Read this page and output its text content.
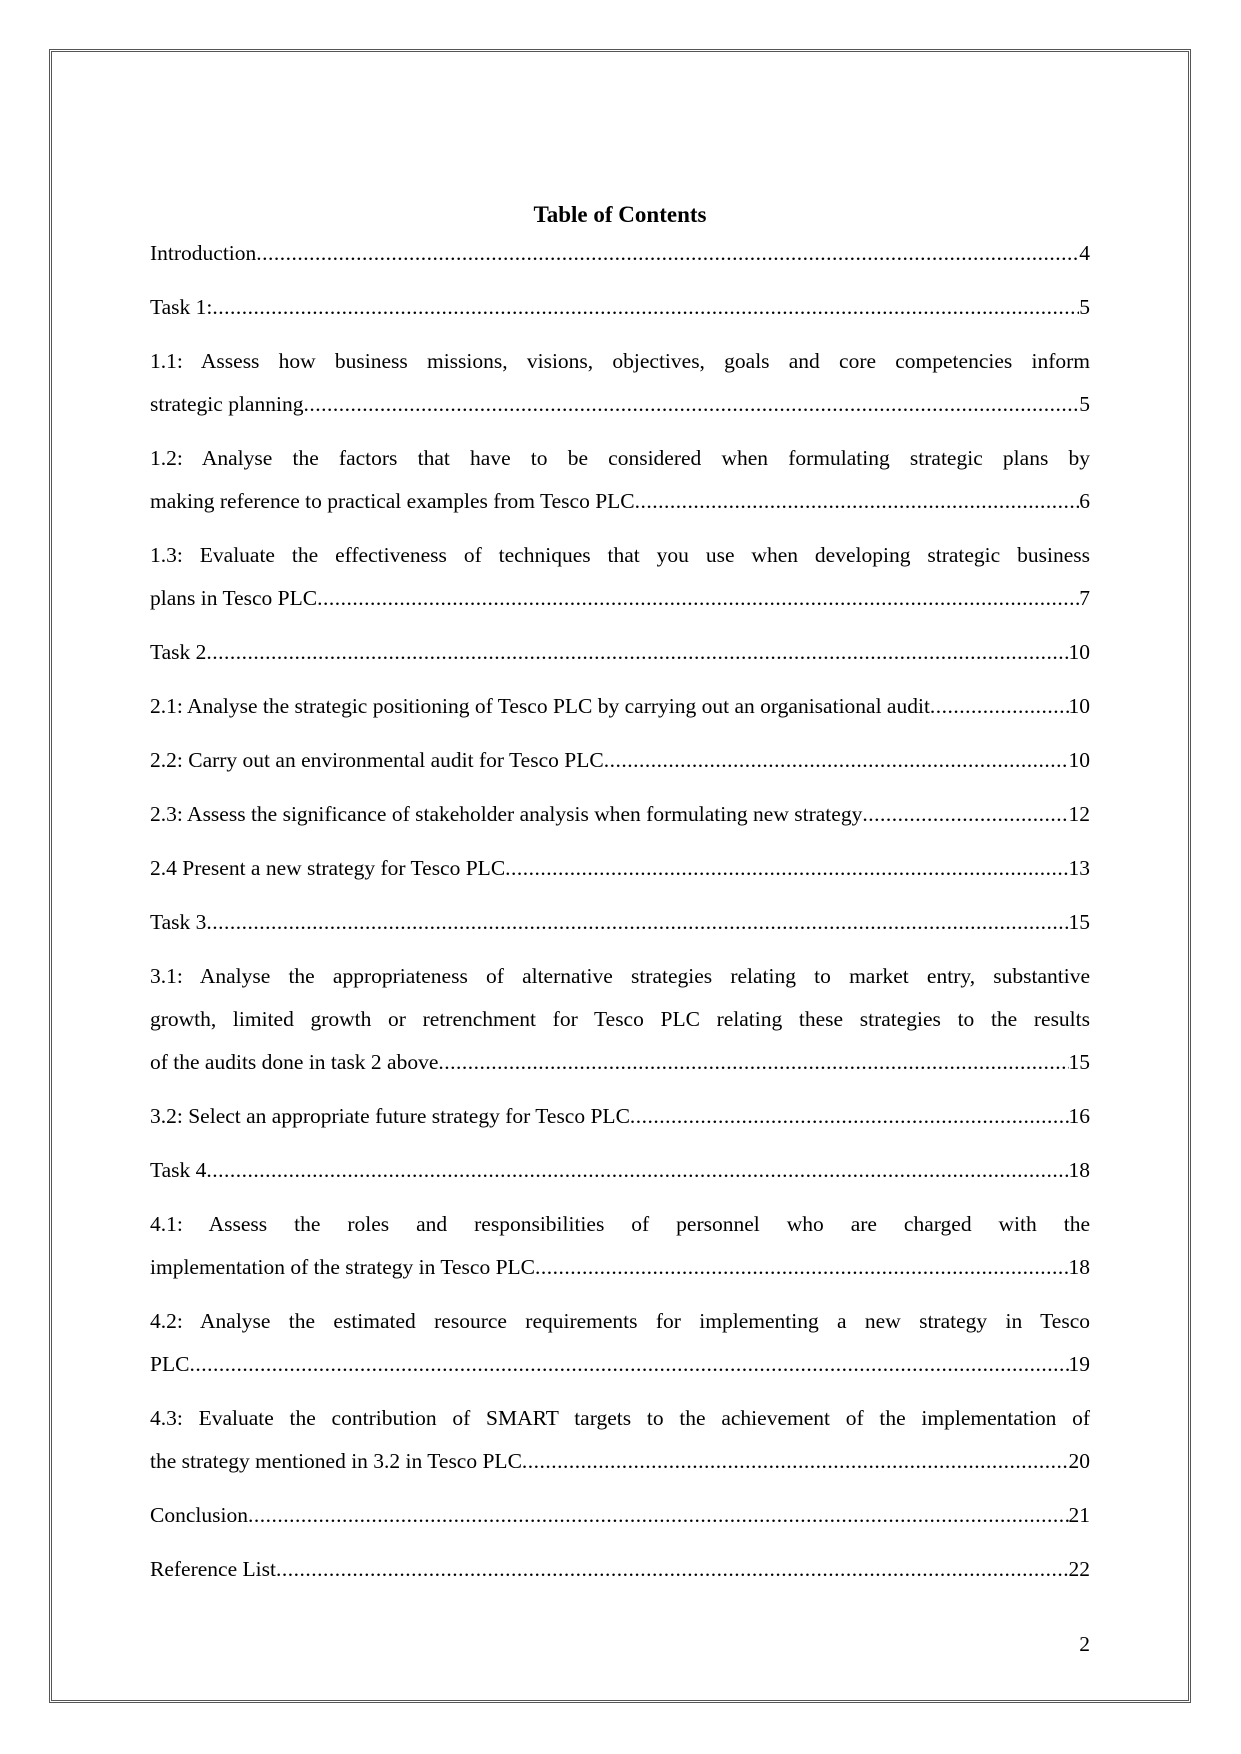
Table of Contents
Introduction .....	4
Task 1: .....	5
1.1: Assess how business missions, visions, objectives, goals and core competencies inform
strategic planning .....	5
1.2: Analyse the factors that have to be considered when formulating strategic plans by
making reference to practical examples from Tesco PLC .....	6
1.3: Evaluate the effectiveness of techniques that you use when developing strategic business
plans in Tesco PLC .....	7
Task 2 .....	10
2.1: Analyse the strategic positioning of Tesco PLC by carrying out an organisational audit .....	10
2.2: Carry out an environmental audit for Tesco PLC .....	10
2.3: Assess the significance of stakeholder analysis when formulating new strategy .....	12
2.4 Present a new strategy for Tesco PLC .....	13
Task 3 .....	15
3.1: Analyse the appropriateness of alternative strategies relating to market entry, substantive
growth, limited growth or retrenchment for Tesco PLC relating these strategies to the results
of the audits done in task 2 above .....	15
3.2: Select an appropriate future strategy for Tesco PLC .....	16
Task 4 .....	18
4.1: Assess the roles and responsibilities of personnel who are charged with the
implementation of the strategy in Tesco PLC .....	18
4.2: Analyse the estimated resource requirements for implementing a new strategy in Tesco
PLC .....	19
4.3: Evaluate the contribution of SMART targets to the achievement of the implementation of
the strategy mentioned in 3.2 in Tesco PLC .....	20
Conclusion .....	21
Reference List .....	22
2
